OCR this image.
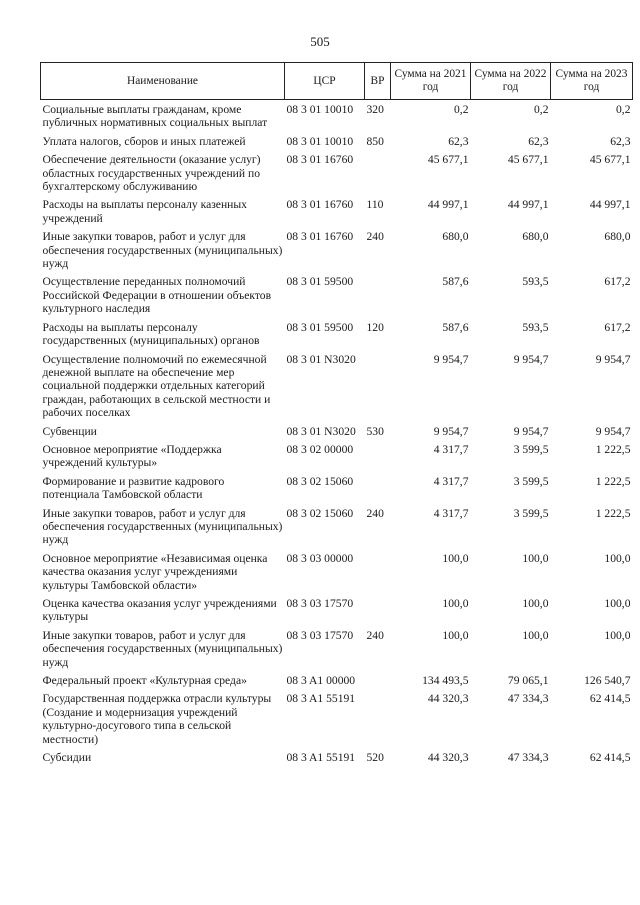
505
Наименование	ЦСР	ВР	Сумма на 2021 год	Сумма на 2022 год	Сумма на 2023 год
Социальные выплаты гражданам, кроме публичных нормативных социальных выплат	08 3 01 10010	320	0,2	0,2	0,2
Уплата налогов, сборов и иных платежей	08 3 01 10010	850	62,3	62,3	62,3
Обеспечение деятельности (оказание услуг) областных государственных учреждений по бухгалтерскому обслуживанию	08 3 01 16760		45 677,1	45 677,1	45 677,1
Расходы на выплаты персоналу казенных учреждений	08 3 01 16760	110	44 997,1	44 997,1	44 997,1
Иные закупки товаров, работ и услуг для обеспечения государственных (муниципальных) нужд	08 3 01 16760	240	680,0	680,0	680,0
Осуществление переданных полномочий Российской Федерации в отношении объектов культурного наследия	08 3 01 59500		587,6	593,5	617,2
Расходы на выплаты персоналу государственных (муниципальных) органов	08 3 01 59500	120	587,6	593,5	617,2
Осуществление полномочий по ежемесячной денежной выплате на обеспечение мер социальной поддержки отдельных категорий граждан, работающих в сельской местности и рабочих поселках	08 3 01 N3020		9 954,7	9 954,7	9 954,7
Субвенции	08 3 01 N3020	530	9 954,7	9 954,7	9 954,7
Основное мероприятие «Поддержка учреждений культуры»	08 3 02 00000		4 317,7	3 599,5	1 222,5
Формирование и развитие кадрового потенциала Тамбовской области	08 3 02 15060		4 317,7	3 599,5	1 222,5
Иные закупки товаров, работ и услуг для обеспечения государственных (муниципальных) нужд	08 3 02 15060	240	4 317,7	3 599,5	1 222,5
Основное мероприятие «Независимая оценка качества оказания услуг учреждениями культуры Тамбовской области»	08 3 03 00000		100,0	100,0	100,0
Оценка качества оказания услуг учреждениями культуры	08 3 03 17570		100,0	100,0	100,0
Иные закупки товаров, работ и услуг для обеспечения государственных (муниципальных) нужд	08 3 03 17570	240	100,0	100,0	100,0
Федеральный проект «Культурная среда»	08 3 A1 00000		134 493,5	79 065,1	126 540,7
Государственная поддержка отрасли культуры (Создание и модернизация учреждений культурно-досугового типа в сельской местности)	08 3 A1 55191		44 320,3	47 334,3	62 414,5
Субсидии	08 3 A1 55191	520	44 320,3	47 334,3	62 414,5
